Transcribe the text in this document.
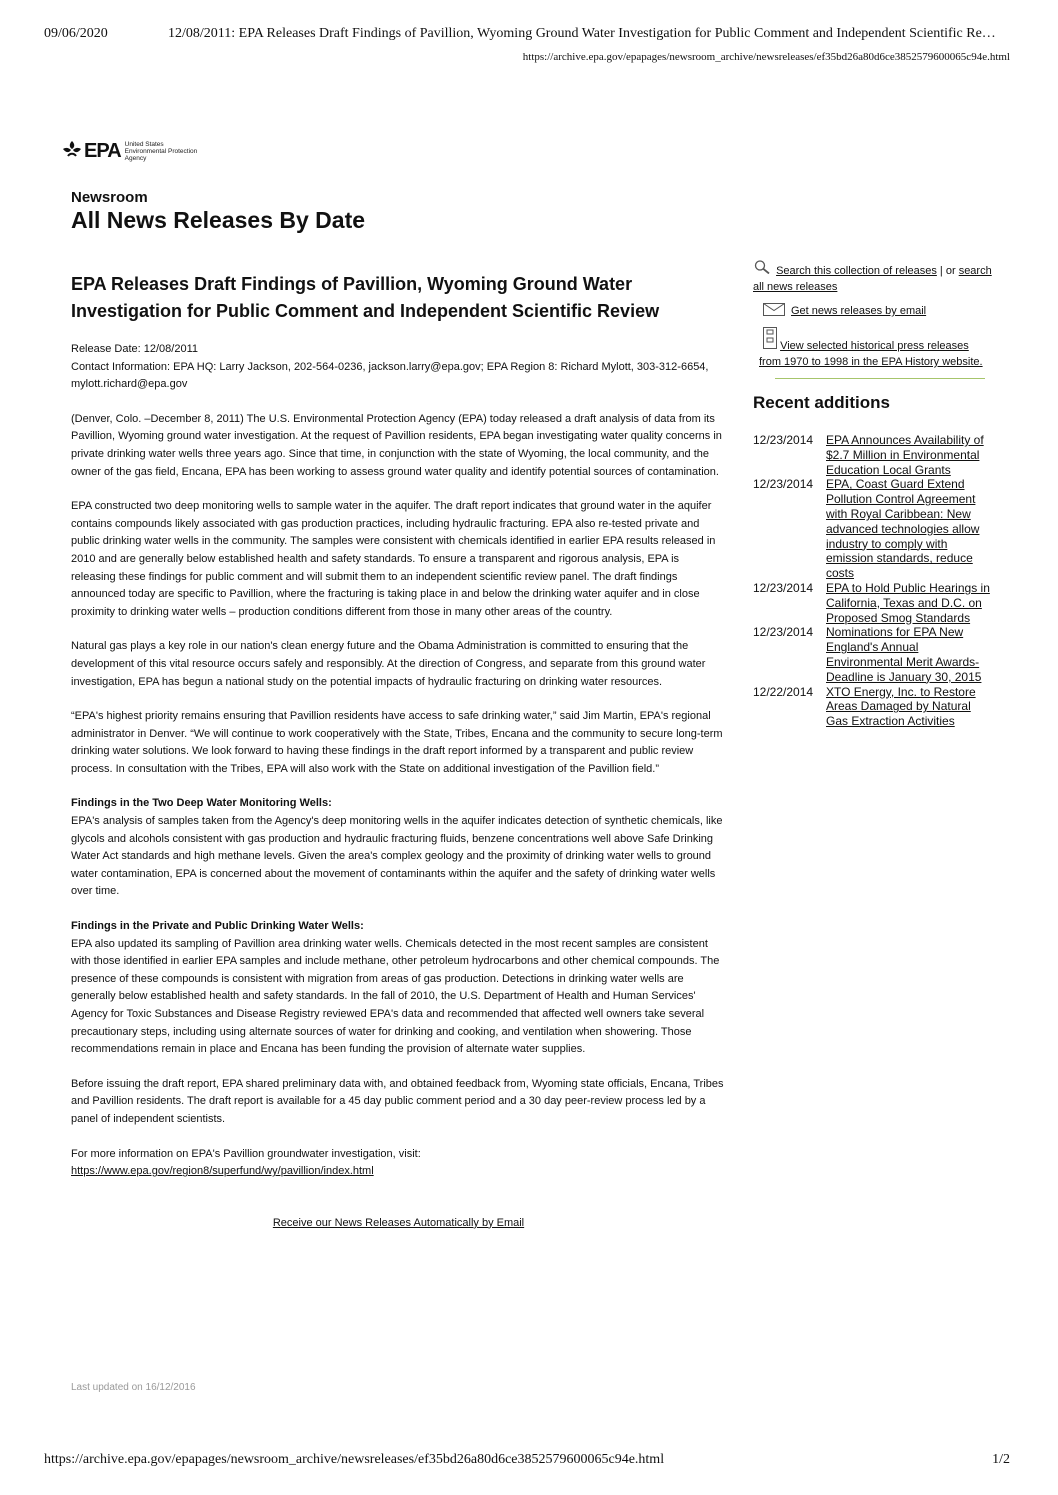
09/06/2020	12/08/2011: EPA Releases Draft Findings of Pavillion, Wyoming Ground Water Investigation for Public Comment and Independent Scientific Re…
https://archive.epa.gov/epapages/newsroom_archive/newsreleases/ef35bd26a80d6ce3852579600065c94e.html
EPA United States
Environmental Protection
Agency
Newsroom
All News Releases By Date
EPA Releases Draft Findings of Pavillion, Wyoming Ground Water Investigation for Public Comment and Independent Scientific Review
Release Date: 12/08/2011
Contact Information: EPA HQ: Larry Jackson, 202-564-0236, jackson.larry@epa.gov; EPA Region 8: Richard Mylott, 303-312-6654, mylott.richard@epa.gov

(Denver, Colo. –December 8, 2011) The U.S. Environmental Protection Agency (EPA) today released a draft analysis of data from its Pavillion, Wyoming ground water investigation. At the request of Pavillion residents, EPA began investigating water quality concerns in private drinking water wells three years ago. Since that time, in conjunction with the state of Wyoming, the local community, and the owner of the gas field, Encana, EPA has been working to assess ground water quality and identify potential sources of contamination.

EPA constructed two deep monitoring wells to sample water in the aquifer. The draft report indicates that ground water in the aquifer contains compounds likely associated with gas production practices, including hydraulic fracturing. EPA also re-tested private and public drinking water wells in the community. The samples were consistent with chemicals identified in earlier EPA results released in 2010 and are generally below established health and safety standards. To ensure a transparent and rigorous analysis, EPA is releasing these findings for public comment and will submit them to an independent scientific review panel. The draft findings announced today are specific to Pavillion, where the fracturing is taking place in and below the drinking water aquifer and in close proximity to drinking water wells – production conditions different from those in many other areas of the country.

Natural gas plays a key role in our nation's clean energy future and the Obama Administration is committed to ensuring that the development of this vital resource occurs safely and responsibly. At the direction of Congress, and separate from this ground water investigation, EPA has begun a national study on the potential impacts of hydraulic fracturing on drinking water resources.

“EPA's highest priority remains ensuring that Pavillion residents have access to safe drinking water,” said Jim Martin, EPA's regional administrator in Denver. “We will continue to work cooperatively with the State, Tribes, Encana and the community to secure long-term drinking water solutions. We look forward to having these findings in the draft report informed by a transparent and public review process. In consultation with the Tribes, EPA will also work with the State on additional investigation of the Pavillion field.”

Findings in the Two Deep Water Monitoring Wells:

EPA's analysis of samples taken from the Agency's deep monitoring wells in the aquifer indicates detection of synthetic chemicals, like glycols and alcohols consistent with gas production and hydraulic fracturing fluids, benzene concentrations well above Safe Drinking Water Act standards and high methane levels. Given the area's complex geology and the proximity of drinking water wells to ground water contamination, EPA is concerned about the movement of contaminants within the aquifer and the safety of drinking water wells over time.

Findings in the Private and Public Drinking Water Wells:

EPA also updated its sampling of Pavillion area drinking water wells. Chemicals detected in the most recent samples are consistent with those identified in earlier EPA samples and include methane, other petroleum hydrocarbons and other chemical compounds. The presence of these compounds is consistent with migration from areas of gas production. Detections in drinking water wells are generally below established health and safety standards. In the fall of 2010, the U.S. Department of Health and Human Services' Agency for Toxic Substances and Disease Registry reviewed EPA's data and recommended that affected well owners take several precautionary steps, including using alternate sources of water for drinking and cooking, and ventilation when showering. Those recommendations remain in place and Encana has been funding the provision of alternate water supplies.

Before issuing the draft report, EPA shared preliminary data with, and obtained feedback from, Wyoming state officials, Encana, Tribes and Pavillion residents. The draft report is available for a 45 day public comment period and a 30 day peer-review process led by a panel of independent scientists.

For more information on EPA's Pavillion groundwater investigation, visit:
https://www.epa.gov/region8/superfund/wy/pavillion/index.html

Receive our News Releases Automatically by Email
Last updated on 16/12/2016
Search this collection of releases | or search all news releases
Get news releases by email
View selected historical press releases from 1970 to 1998 in the EPA History website.
Recent additions
12/23/2014	EPA Announces Availability of $2.7 Million in Environmental Education Local Grants
12/23/2014	EPA, Coast Guard Extend Pollution Control Agreement with Royal Caribbean: New advanced technologies allow industry to comply with emission standards, reduce costs
12/23/2014	EPA to Hold Public Hearings in California, Texas and D.C. on Proposed Smog Standards
12/23/2014	Nominations for EPA New England's Annual Environmental Merit Awards-Deadline is January 30, 2015
12/22/2014	XTO Energy, Inc. to Restore Areas Damaged by Natural Gas Extraction Activities
https://archive.epa.gov/epapages/newsroom_archive/newsreleases/ef35bd26a80d6ce3852579600065c94e.html	1/2
